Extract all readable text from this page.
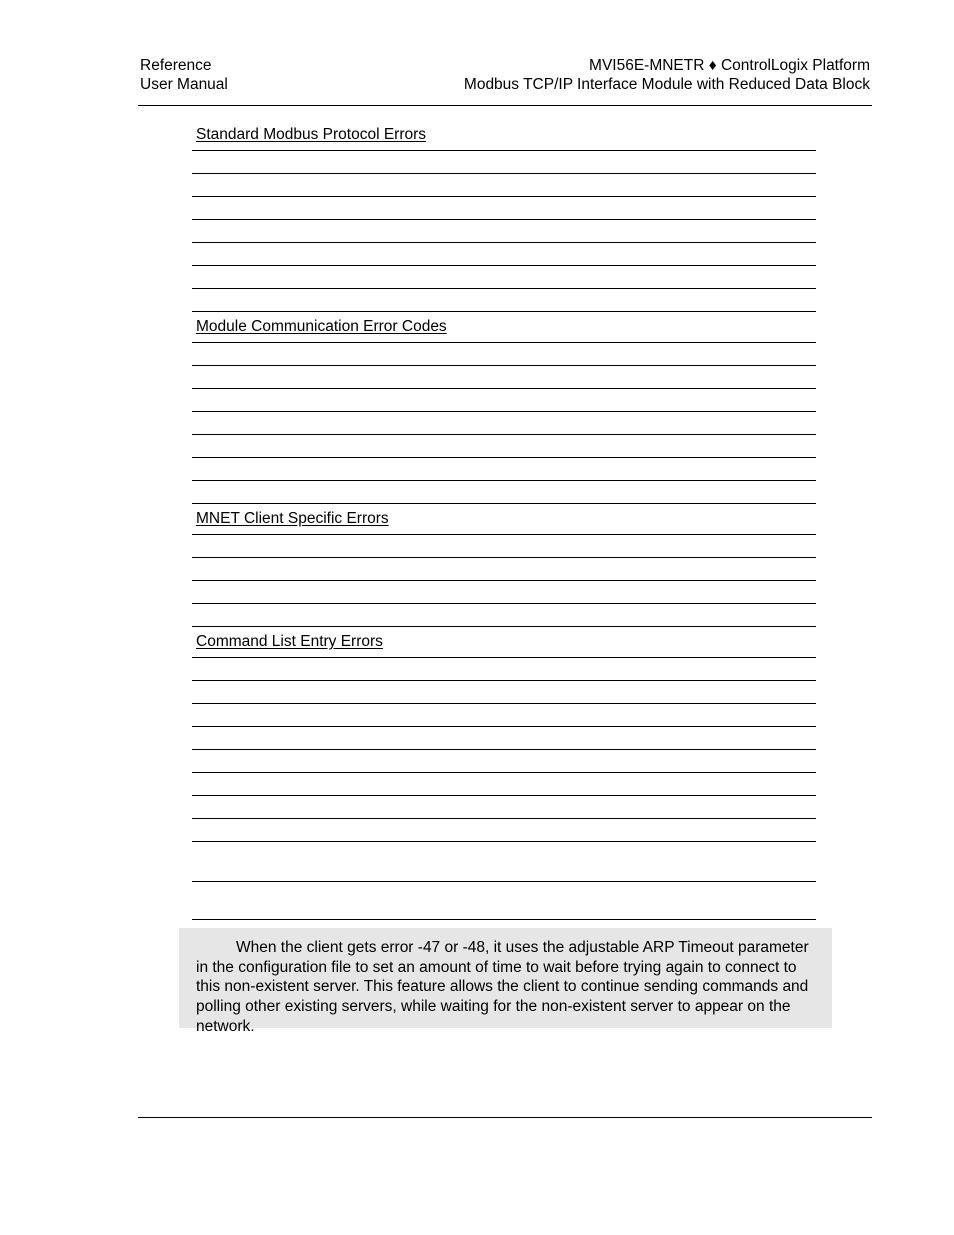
Reference
User Manual
MVI56E-MNETR ♦ ControlLogix Platform
Modbus TCP/IP Interface Module with Reduced Data Block
Standard Modbus Protocol Errors
Module Communication Error Codes
MNET Client Specific Errors
Command List Entry Errors

When the client gets error -47 or -48, it uses the adjustable ARP Timeout parameter in the configuration file to set an amount of time to wait before trying again to connect to this non-existent server. This feature allows the client to continue sending commands and polling other existing servers, while waiting for the non-existent server to appear on the network.
